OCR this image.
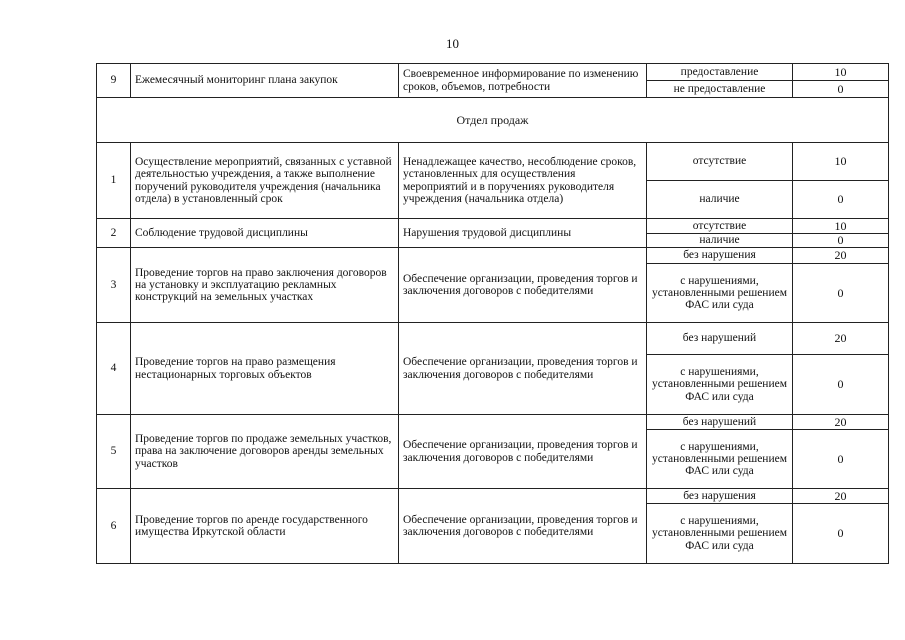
10
9	Ежемесячный мониторинг плана закупок	Своевременное информирование по изменению сроков, объемов, потребности	предоставление	10
			не предоставление	0
Отдел продаж				
1	Осуществление мероприятий, связанных с уставной деятельностью учреждения, а также выполнение поручений руководителя учреждения (начальника отдела) в установленный срок	Ненадлежащее качество, несоблюдение сроков, установленных для осуществления мероприятий и в поручениях руководителя учреждения (начальника отдела)	отсутствие	10
			наличие	0
2	Соблюдение трудовой дисциплины	Нарушения трудовой дисциплины	отсутствие	10
			наличие	0
3	Проведение торгов на право заключения договоров на установку и эксплуатацию рекламных конструкций на земельных участках	Обеспечение организации, проведения торгов и заключения договоров с победителями	без нарушения	20
			с нарушениями, установленными решением ФАС или суда	0
4	Проведение торгов на право размещения нестационарных торговых объектов	Обеспечение организации, проведения торгов и заключения договоров с победителями	без нарушений	20
			с нарушениями, установленными решением ФАС или суда	0
5	Проведение торгов по продаже земельных участков, права на заключение договоров аренды земельных участков	Обеспечение организации, проведения торгов и заключения договоров с победителями	без нарушений	20
			с нарушениями, установленными решением ФАС или суда	0
6	Проведение торгов по аренде государственного имущества Иркутской области	Обеспечение организации, проведения торгов и заключения договоров с победителями	без нарушения	20
			с нарушениями, установленными решением ФАС или суда	0
